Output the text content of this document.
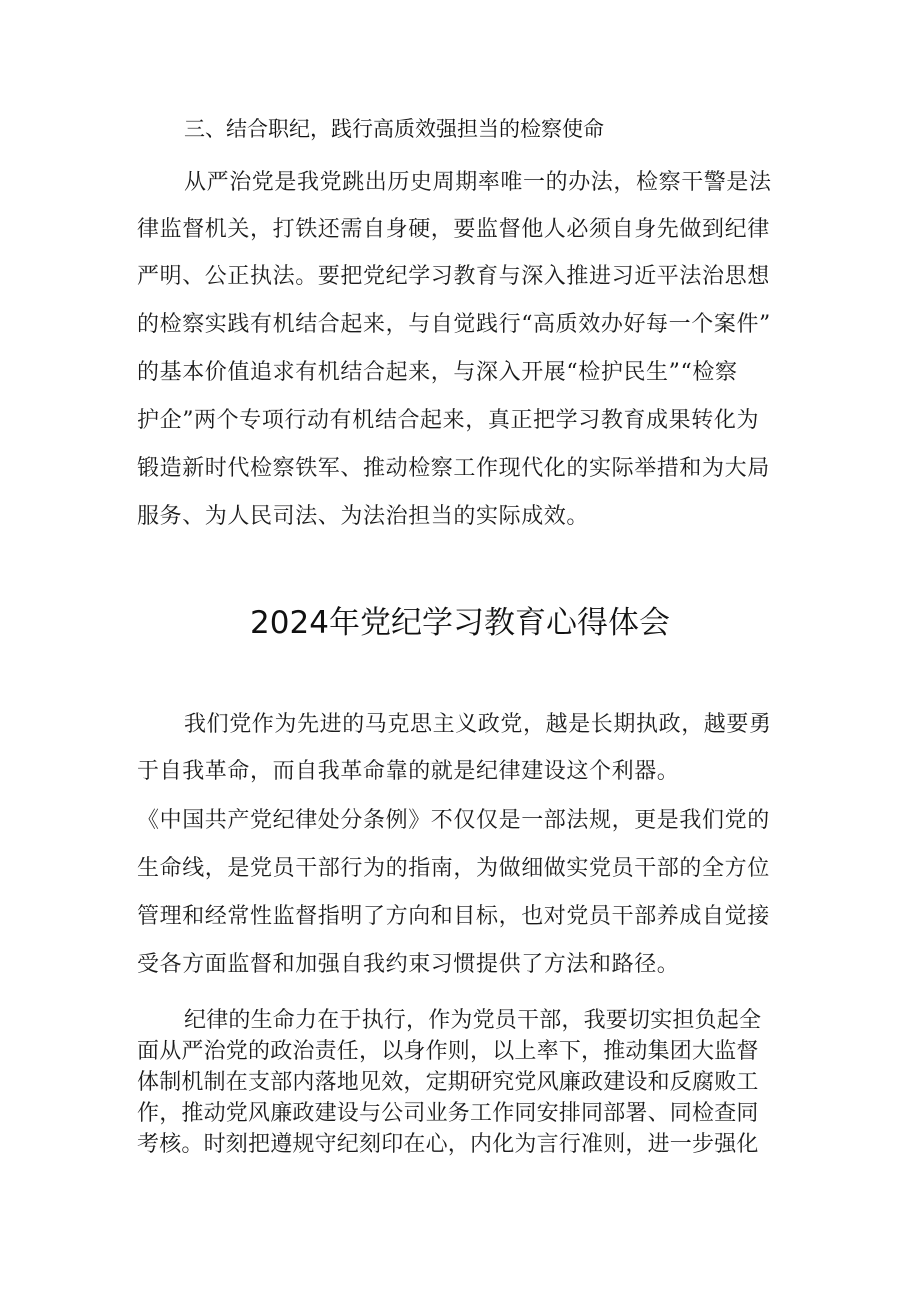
三、结合职纪，践行高质效强担当的检察使命
从严治党是我党跳出历史周期率唯一的办法，检察干警是法
律监督机关，打铁还需自身硬，要监督他人必须自身先做到纪律
严明、公正执法。要把党纪学习教育与深入推进习近平法治思想
的检察实践有机结合起来，与自觉践行“高质效办好每一个案件”
的基本价值追求有机结合起来，与深入开展“检护民生”“检察
护企”两个专项行动有机结合起来，真正把学习教育成果转化为
锻造新时代检察铁军、推动检察工作现代化的实际举措和为大局
服务、为人民司法、为法治担当的实际成效。
2024年党纪学习教育心得体会
我们党作为先进的马克思主义政党，越是长期执政，越要勇
于自我革命，而自我革命靠的就是纪律建设这个利器。
《中国共产党纪律处分条例》不仅仅是一部法规，更是我们党的
生命线，是党员干部行为的指南，为做细做实党员干部的全方位
管理和经常性监督指明了方向和目标，也对党员干部养成自觉接
受各方面监督和加强自我约束习惯提供了方法和路径。
纪律的生命力在于执行，作为党员干部，我要切实担负起全
面从严治党的政治责任，以身作则，以上率下，推动集团大监督
体制机制在支部内落地见效，定期研究党风廉政建设和反腐败工
作，推动党风廉政建设与公司业务工作同安排同部署、同检查同
考核。时刻把遵规守纪刻印在心，内化为言行准则，进一步强化
